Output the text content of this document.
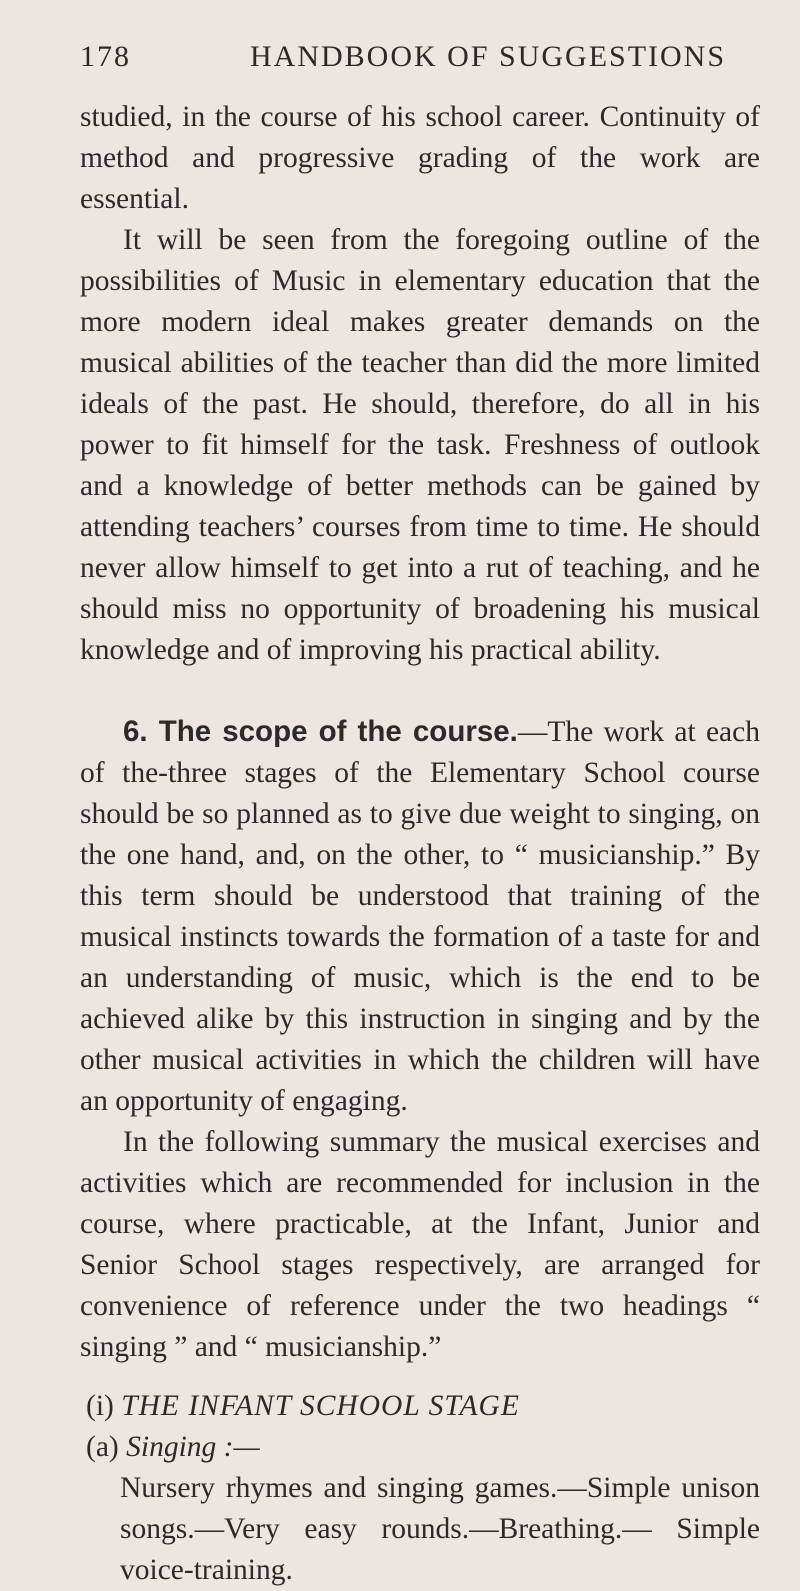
178	HANDBOOK OF SUGGESTIONS

studied, in the course of his school career. Continuity of method and progressive grading of the work are essential.

It will be seen from the foregoing outline of the possibilities of Music in elementary education that the more modern ideal makes greater demands on the musical abilities of the teacher than did the more limited ideals of the past. He should, therefore, do all in his power to fit himself for the task. Freshness of outlook and a knowledge of better methods can be gained by attending teachers’ courses from time to time. He should never allow himself to get into a rut of teaching, and he should miss no opportunity of broadening his musical knowledge and of improving his practical ability.

6. The scope of the course.—The work at each of the-three stages of the Elementary School course should be so planned as to give due weight to singing, on the one hand, and, on the other, to “ musicianship.” By this term should be understood that training of the musical instincts towards the formation of a taste for and an understanding of music, which is the end to be achieved alike by this instruction in singing and by the other musical activities in which the children will have an opportunity of engaging.

In the following summary the musical exercises and activities which are recommended for inclusion in the course, where practicable, at the Infant, Junior and Senior School stages respectively, are arranged for convenience of reference under the two headings “ singing ” and “ musicianship.”

(i) THE INFANT SCHOOL STAGE

(a) Singing :—

Nursery rhymes and singing games.—Simple unison songs.—Very easy rounds.—Breathing.— Simple voice-training.
